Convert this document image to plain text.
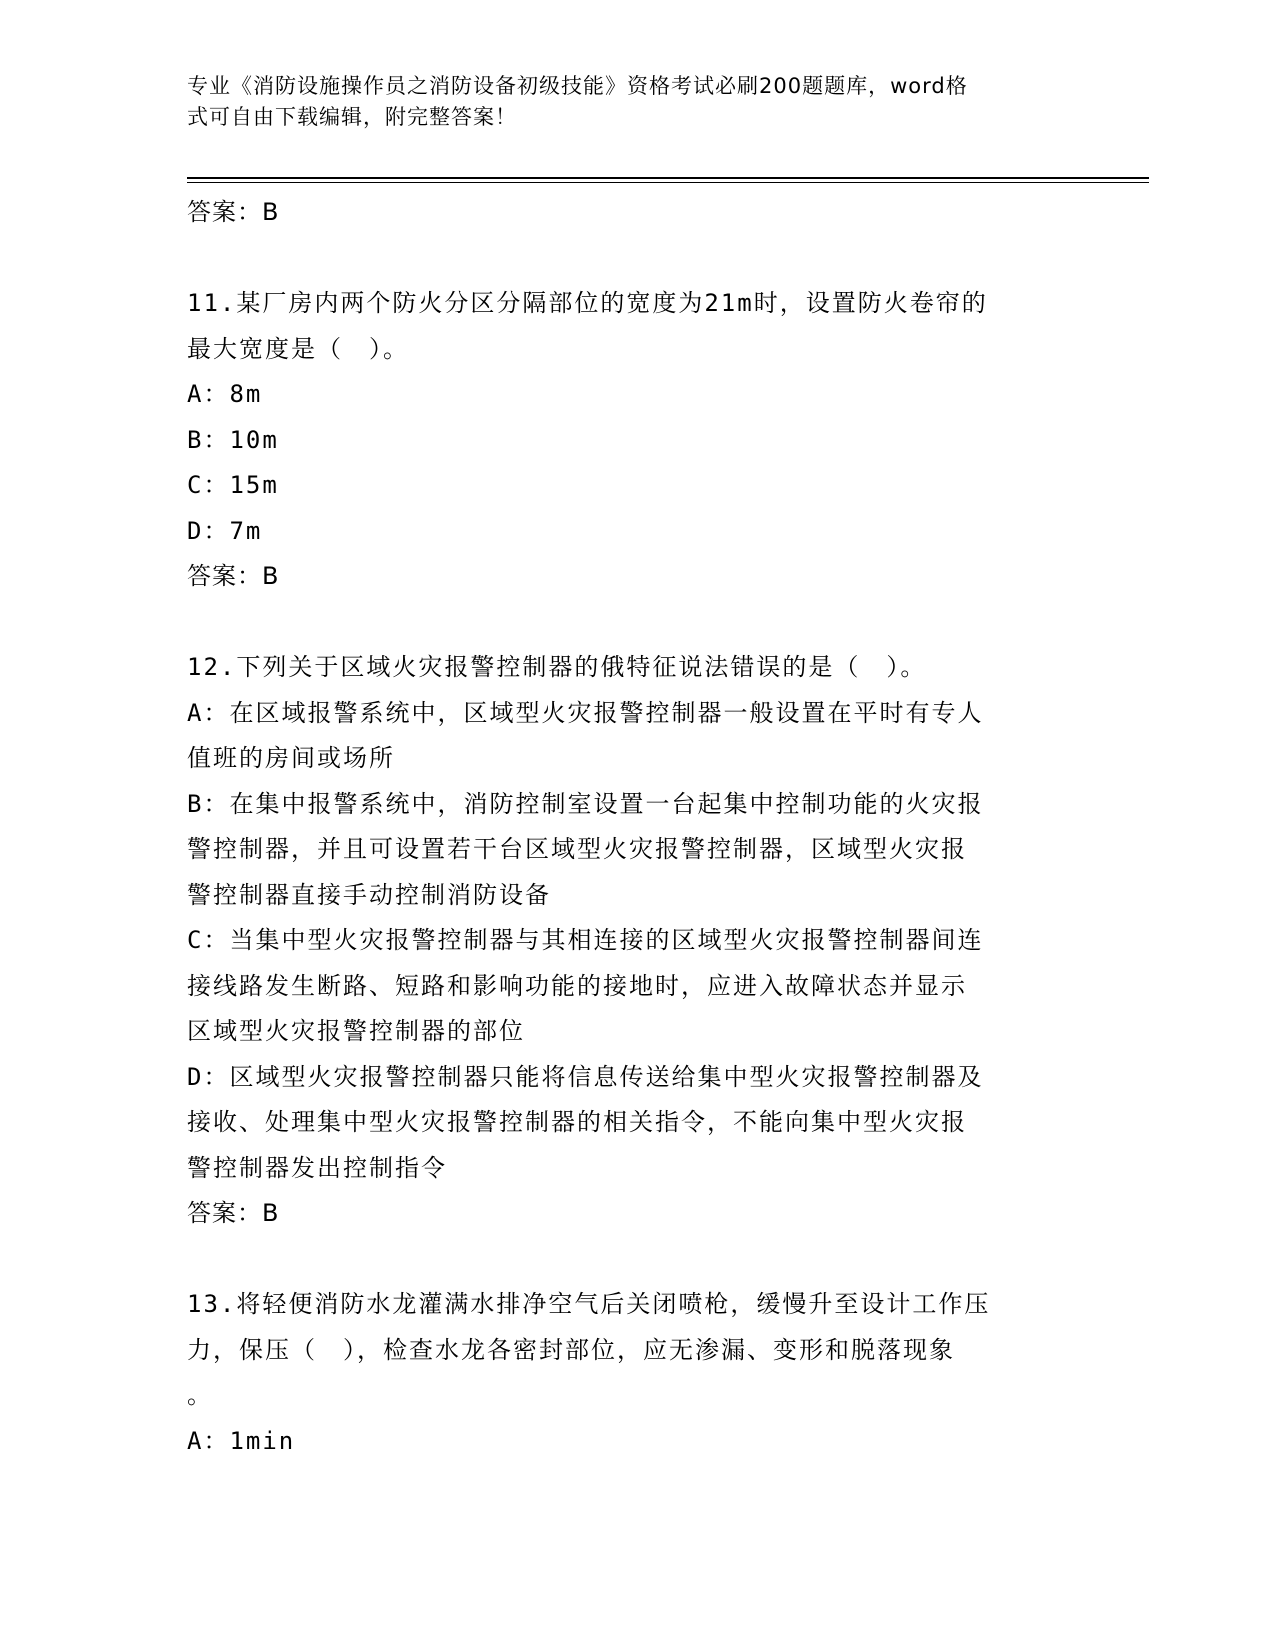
专业《消防设施操作员之消防设备初级技能》资格考试必刷200题题库，word格
式可自由下载编辑，附完整答案！
答案：B
11.某厂房内两个防火分区分隔部位的宽度为21m时，设置防火卷帘的
最大宽度是（　）。
A：8m
B：10m
C：15m
D：7m
答案：B
12.下列关于区域火灾报警控制器的俄特征说法错误的是（　）。
A：在区域报警系统中，区域型火灾报警控制器一般设置在平时有专人
值班的房间或场所
B：在集中报警系统中，消防控制室设置一台起集中控制功能的火灾报
警控制器，并且可设置若干台区域型火灾报警控制器，区域型火灾报
警控制器直接手动控制消防设备
C：当集中型火灾报警控制器与其相连接的区域型火灾报警控制器间连
接线路发生断路、短路和影响功能的接地时，应进入故障状态并显示
区域型火灾报警控制器的部位
D：区域型火灾报警控制器只能将信息传送给集中型火灾报警控制器及
接收、处理集中型火灾报警控制器的相关指令，不能向集中型火灾报
警控制器发出控制指令
答案：B
13.将轻便消防水龙灌满水排净空气后关闭喷枪，缓慢升至设计工作压
力，保压（　），检查水龙各密封部位，应无渗漏、变形和脱落现象
。
A：1min
